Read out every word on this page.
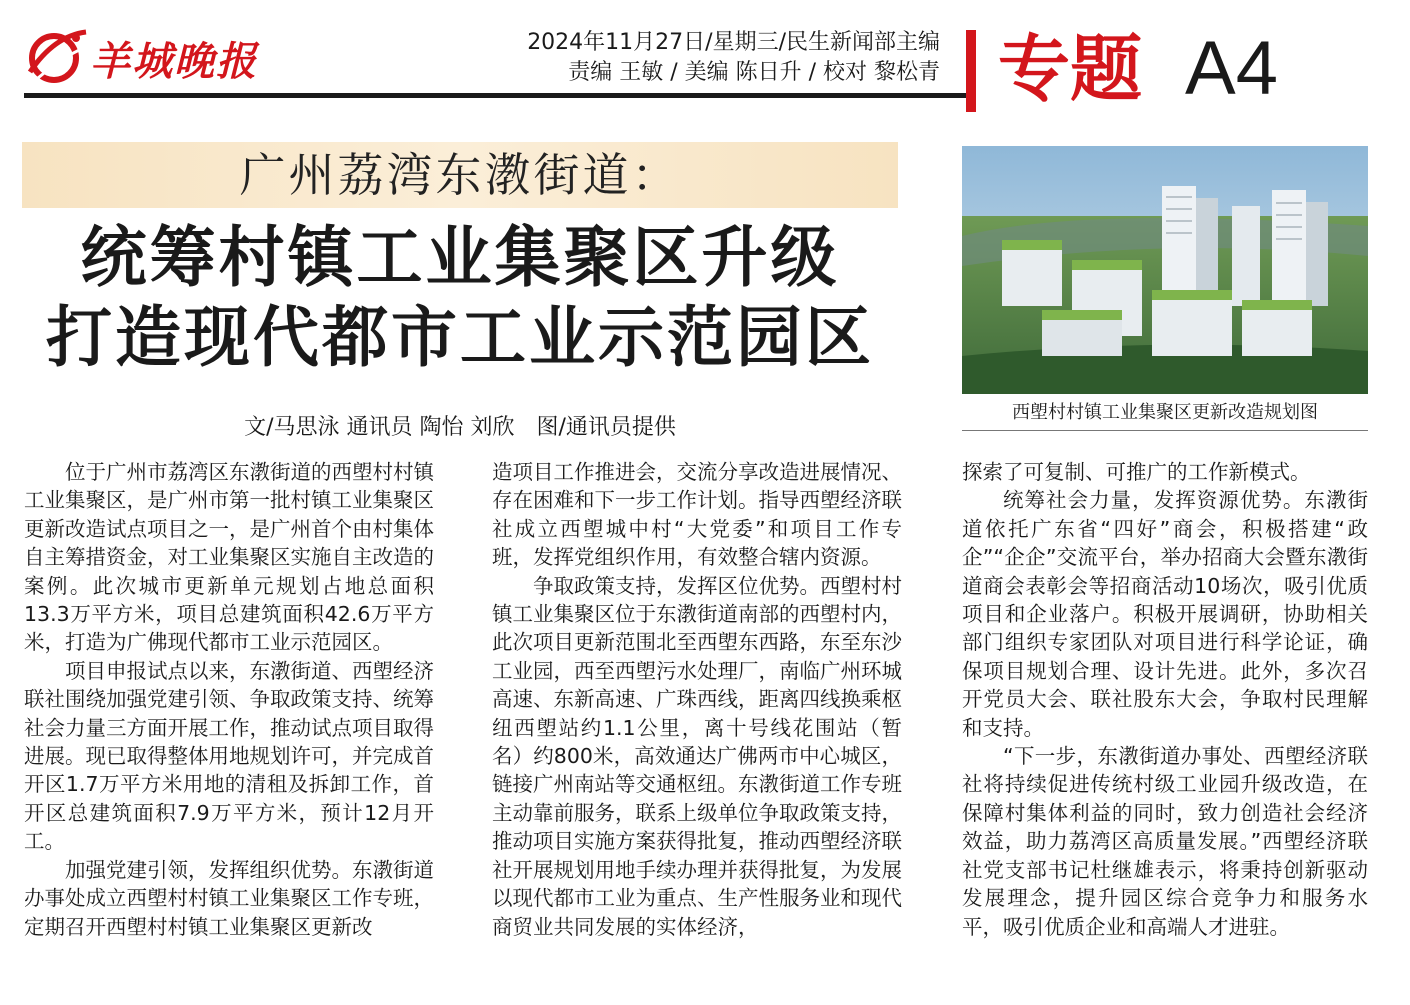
羊城晚报	2024年11月27日/星期三/民生新闻部主编
责编 王敏 / 美编 陈日升 / 校对 黎松青 专题 A4
广州荔湾东漖街道：
统筹村镇工业集聚区升级
打造现代都市工业示范园区
文/马思泳 通讯员 陶怡 刘欣　图/通讯员提供
西塱村村镇工业集聚区更新改造规划图

位于广州市荔湾区东漖街道的西塱村村镇工业集聚区，是广州市第一批村镇工业集聚区更新改造试点项目之一，是广州首个由村集体自主筹措资金，对工业集聚区实施自主改造的案例。此次城市更新单元规划占地总面积13.3万平方米，项目总建筑面积42.6万平方米，打造为广佛现代都市工业示范园区。

项目申报试点以来，东漖街道、西塱经济联社围绕加强党建引领、争取政策支持、统筹社会力量三方面开展工作，推动试点项目取得进展。现已取得整体用地规划许可，并完成首开区1.7万平方米用地的清租及拆卸工作，首开区总建筑面积7.9万平方米，预计12月开工。

加强党建引领，发挥组织优势。东漖街道办事处成立西塱村村镇工业集聚区工作专班，定期召开西塱村村镇工业集聚区更新改

造项目工作推进会，交流分享改造进展情况、存在困难和下一步工作计划。指导西塱经济联社成立西塱城中村“大党委”和项目工作专班，发挥党组织作用，有效整合辖内资源。

争取政策支持，发挥区位优势。西塱村村镇工业集聚区位于东漖街道南部的西塱村内，此次项目更新范围北至西塱东西路，东至东沙工业园，西至西塱污水处理厂，南临广州环城高速、东新高速、广珠西线，距离四线换乘枢纽西塱站约1.1公里，离十号线花围站（暂名）约800米，高效通达广佛两市中心城区，链接广州南站等交通枢纽。东漖街道工作专班主动靠前服务，联系上级单位争取政策支持，推动项目实施方案获得批复，推动西塱经济联社开展规划用地手续办理并获得批复，为发展以现代都市工业为重点、生产性服务业和现代商贸业共同发展的实体经济，

探索了可复制、可推广的工作新模式。

统筹社会力量，发挥资源优势。东漖街道依托广东省“四好”商会，积极搭建“政企”“企企”交流平台，举办招商大会暨东漖街道商会表彰会等招商活动10场次，吸引优质项目和企业落户。积极开展调研，协助相关部门组织专家团队对项目进行科学论证，确保项目规划合理、设计先进。此外，多次召开党员大会、联社股东大会，争取村民理解和支持。

“下一步，东漖街道办事处、西塱经济联社将持续促进传统村级工业园升级改造，在保障村集体利益的同时，致力创造社会经济效益，助力荔湾区高质量发展。”西塱经济联社党支部书记杜继雄表示，将秉持创新驱动发展理念，提升园区综合竞争力和服务水平，吸引优质企业和高端人才进驻。
